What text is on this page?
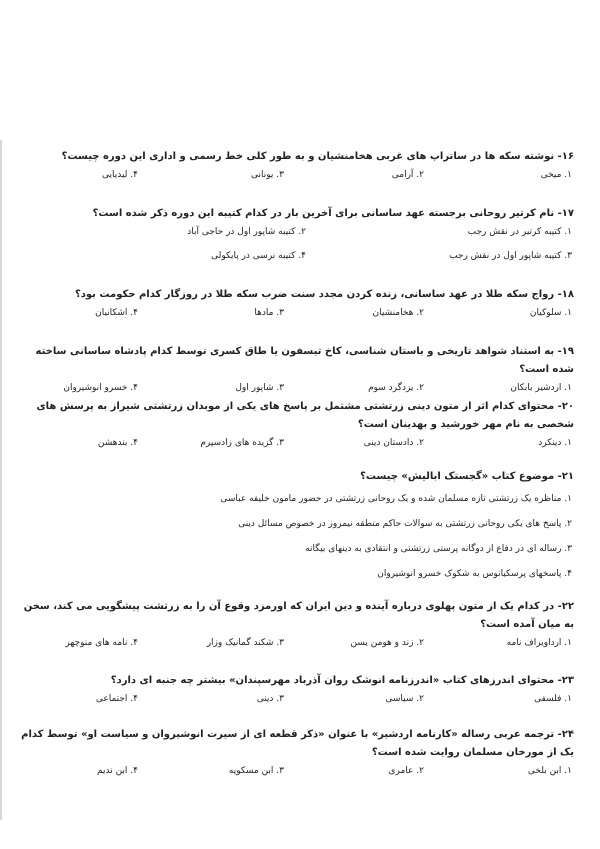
۱۶- نوشته سکه ها در ساتراپ های غربی هخامنشیان و به طور کلی خط رسمی و اداری این دوره چیست؟
۱. میخی
۲. آرامی
۳. یونانی
۴. لیدیایی
۱۷- نام کرتیر روحانی برجسته عهد ساسانی برای آخرین بار در کدام کتیبه این دوره ذکر شده است؟
۱. کتیبه کرتیر در نقش رجب
۲. کتیبه شاپور اول در حاجی آباد
۳. کتیبه شاپور اول در نقش رجب
۴. کتیبه نرسی در پایکولی
۱۸- رواج سکه طلا در عهد ساسانی، زنده کردن مجدد سنت ضرب سکه طلا در روزگار کدام حکومت بود؟
۱. سلوکیان
۲. هخامنشیان
۳. مادها
۴. اشکانیان
۱۹- به استناد شواهد تاریخی و باستان شناسی، کاخ تیسفون یا طاق کسری توسط کدام پادشاه ساسانی ساخته شده است؟
۱. اردشیر بابکان
۲. یزدگرد سوم
۳. شاپور اول
۴. خسرو انوشیروان
۲۰- محتوای کدام اثر از متون دینی زرتشتی مشتمل بر پاسخ های یکی از موبدان زرتشتی شیراز به پرسش های شخصی به نام مهر خورشید و بهدینان است؟
۱. دینکرد
۲. دادستان دینی
۳. گزیده های زادسپرم
۴. بندهشن
۲۱- موضوع کتاب «گجستک ابالیش» چیست؟
۱. مناظره یک زرتشتی تازه مسلمان شده و یک روحانی زرتشتی در حضور مامون خلیفه عباسی
۲. پاسخ های یکی روحانی زرتشتی به سوالات حاکم منطقه نیمروز در خصوص مسائل دینی
۳. رساله ای در دفاع از دوگانه پرستی زرتشتی و انتقادی به دینهای بیگانه
۴. پاسخهای پرسکیانوس به شکوک خسرو انوشیروان
۲۲- در کدام یک از متون پهلوی درباره آینده و دین ایران که اورمزد وقوع آن را به زرتشت پیشگویی می کند، سخن به میان آمده است؟
۱. ارداویراف نامه
۲. زند و هومن یسن
۳. شکند گمانیک وزار
۴. نامه های منوچهر
۲۳- محتوای اندرزهای کتاب «اندرزنامه انوشک روان آذرباد مهرسپندان» بیشتر چه جنبه ای دارد؟
۱. فلسفی
۲. سیاسی
۳. دینی
۴. اجتماعی
۲۴- ترجمه عربی رساله «کارنامه اردشیر» با عنوان «ذکر قطعه ای از سیرت انوشیروان و سیاست او» توسط کدام یک از مورخان مسلمان روایت شده است؟
۱. ابن بلخی
۲. عامری
۳. ابن مسکویه
۴. ابن ندیم
